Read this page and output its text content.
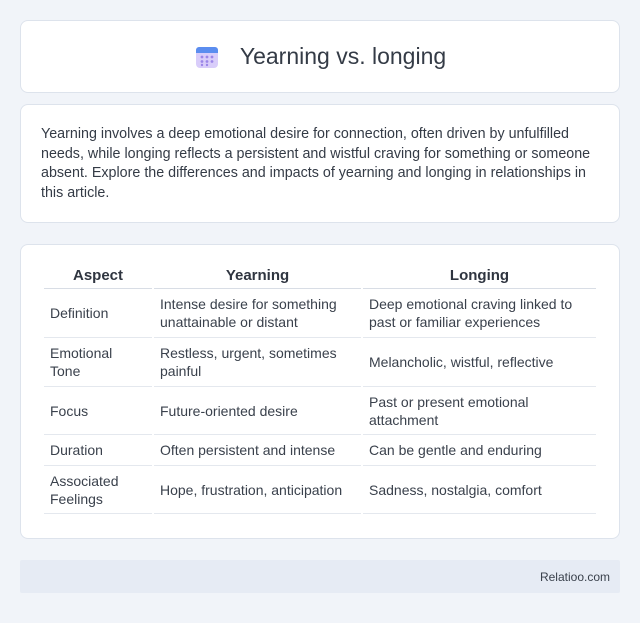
Yearning vs. longing

Yearning involves a deep emotional desire for connection, often driven by unfulfilled needs, while longing reflects a persistent and wistful craving for something or someone absent. Explore the differences and impacts of yearning and longing in relationships in this article.

Aspect	Yearning	Longing
Definition	Intense desire for something unattainable or distant	Deep emotional craving linked to past or familiar experiences
Emotional Tone	Restless, urgent, sometimes painful	Melancholic, wistful, reflective
Focus	Future-oriented desire	Past or present emotional attachment
Duration	Often persistent and intense	Can be gentle and enduring
Associated Feelings	Hope, frustration, anticipation	Sadness, nostalgia, comfort
Relatioo.com
